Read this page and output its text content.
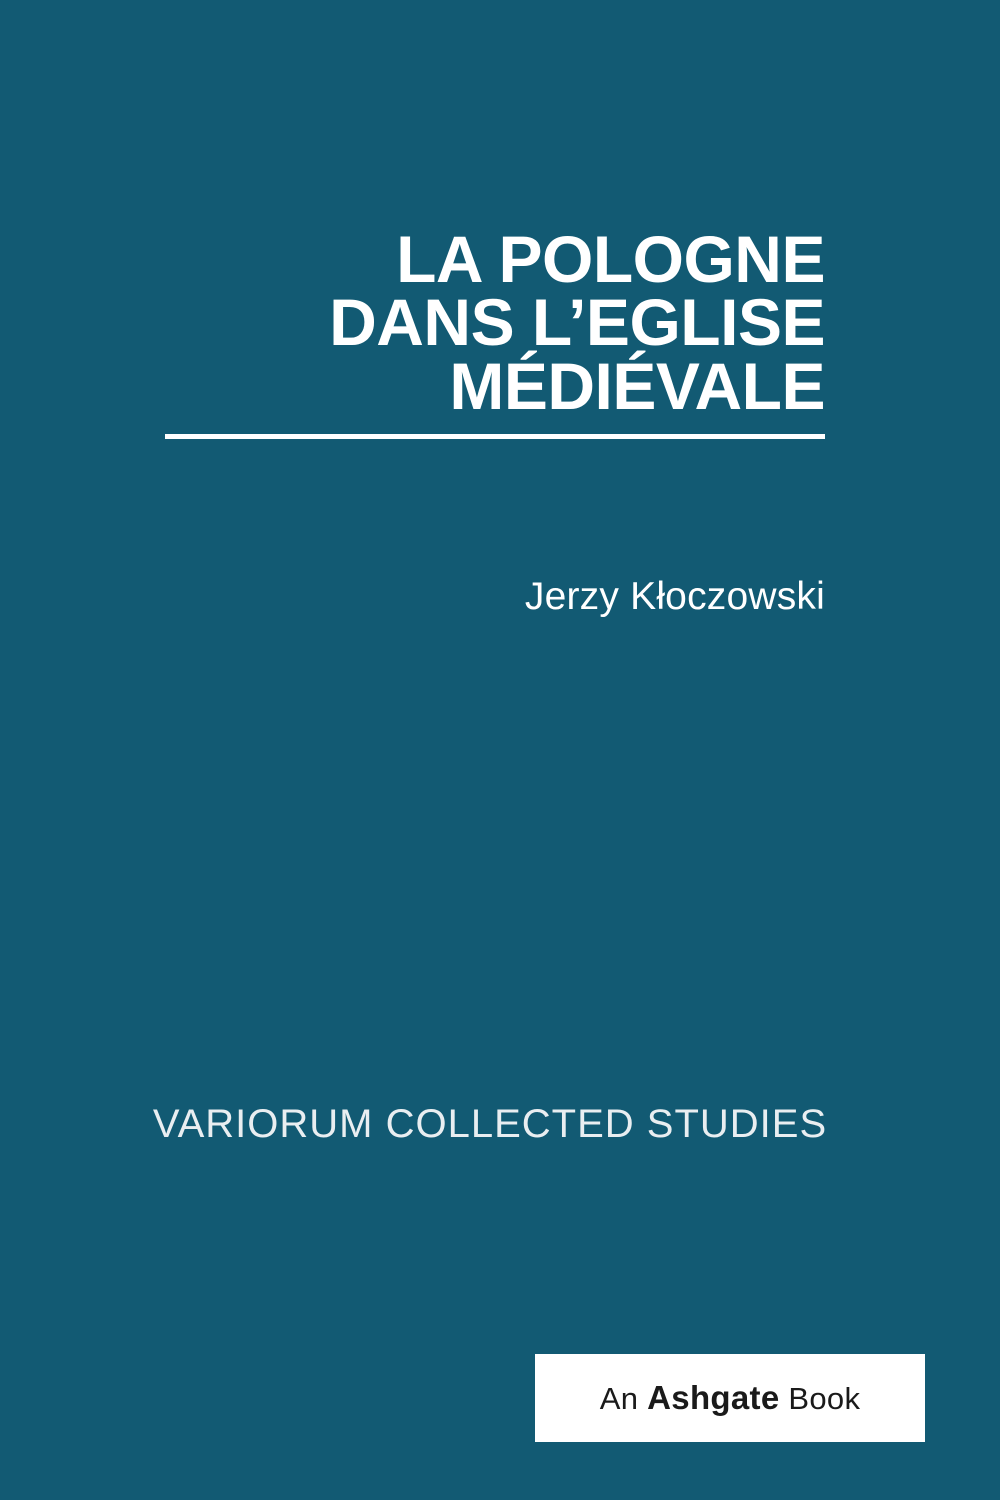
LA POLOGNE
DANS L’EGLISE
MÉDIÉVALE
Jerzy Kłoczowski
VARIORUM COLLECTED STUDIES
An Ashgate Book
